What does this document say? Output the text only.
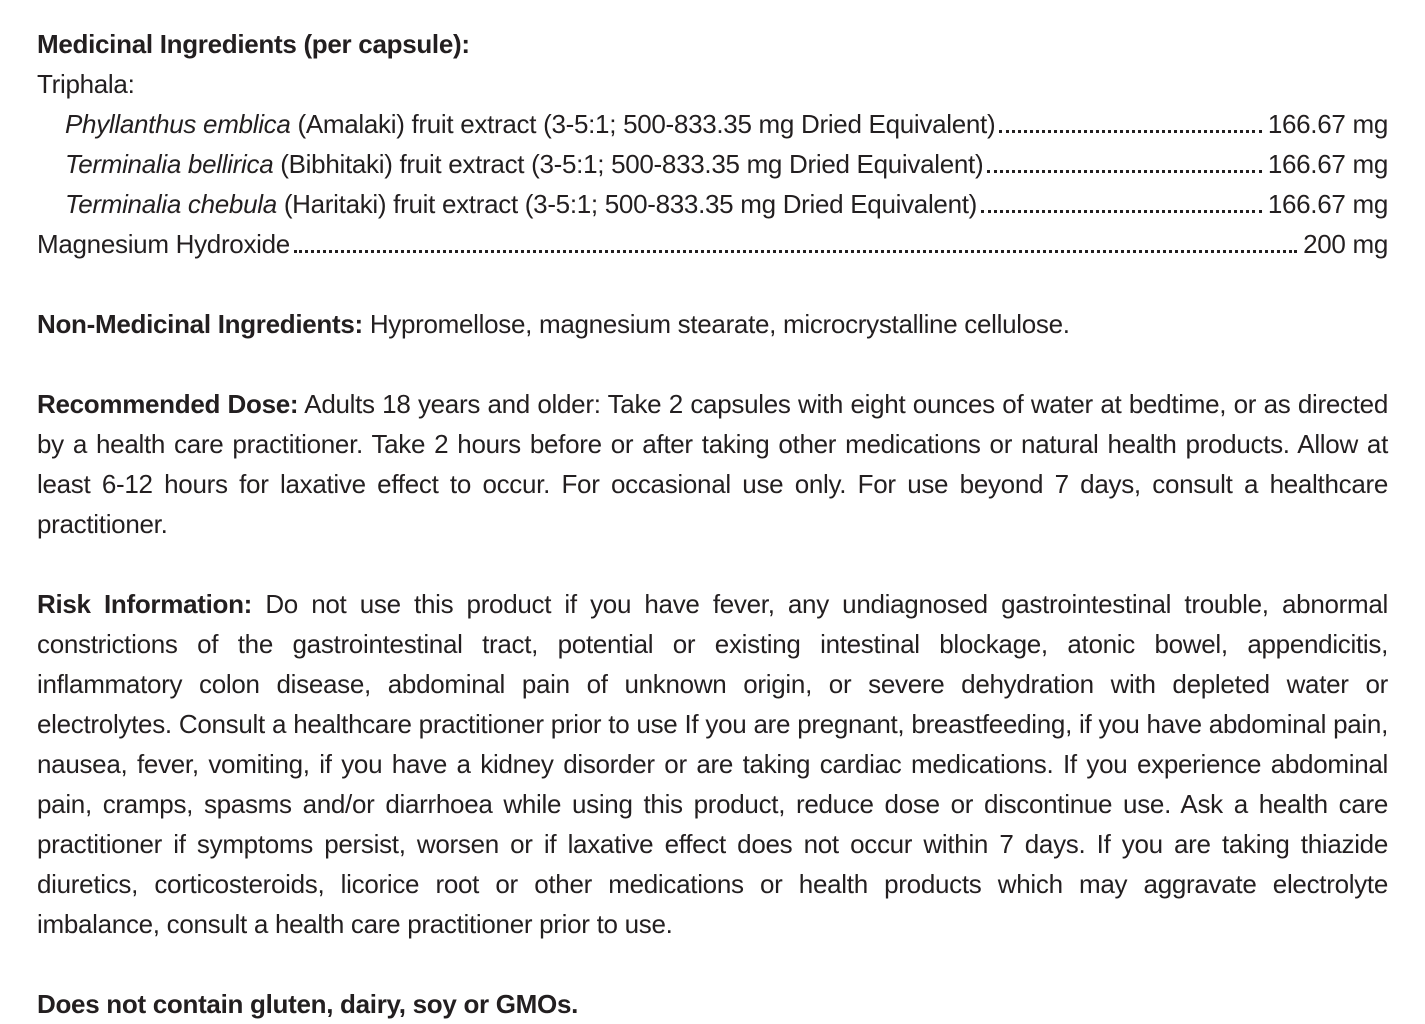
Medicinal Ingredients (per capsule):
Triphala:
Phyllanthus emblica (Amalaki) fruit extract (3-5:1; 500-833.35 mg Dried Equivalent)	166.67 mg
Terminalia bellirica (Bibhitaki) fruit extract (3-5:1; 500-833.35 mg Dried Equivalent)	166.67 mg
Terminalia chebula (Haritaki) fruit extract (3-5:1; 500-833.35 mg Dried Equivalent)	166.67 mg
Magnesium Hydroxide	200 mg

Non-Medicinal Ingredients: Hypromellose, magnesium stearate, microcrystalline cellulose.

Recommended Dose: Adults 18 years and older: Take 2 capsules with eight ounces of water at bedtime, or as directed by a health care practitioner. Take 2 hours before or after taking other medications or natural health products. Allow at least 6-12 hours for laxative effect to occur. For occasional use only. For use beyond 7 days, consult a healthcare practitioner.

Risk Information: Do not use this product if you have fever, any undiagnosed gastrointestinal trouble, abnormal constrictions of the gastrointestinal tract, potential or existing intestinal blockage, atonic bowel, appendicitis, inflammatory colon disease, abdominal pain of unknown origin, or severe dehydration with depleted water or electrolytes. Consult a healthcare practitioner prior to use If you are pregnant, breastfeeding, if you have abdominal pain, nausea, fever, vomiting, if you have a kidney disorder or are taking cardiac medications. If you experience abdominal pain, cramps, spasms and/or diarrhoea while using this product, reduce dose or discontinue use. Ask a health care practitioner if symptoms persist, worsen or if laxative effect does not occur within 7 days. If you are taking thiazide diuretics, corticosteroids, licorice root or other medications or health products which may aggravate electrolyte imbalance, consult a health care practitioner prior to use.

Does not contain gluten, dairy, soy or GMOs.
